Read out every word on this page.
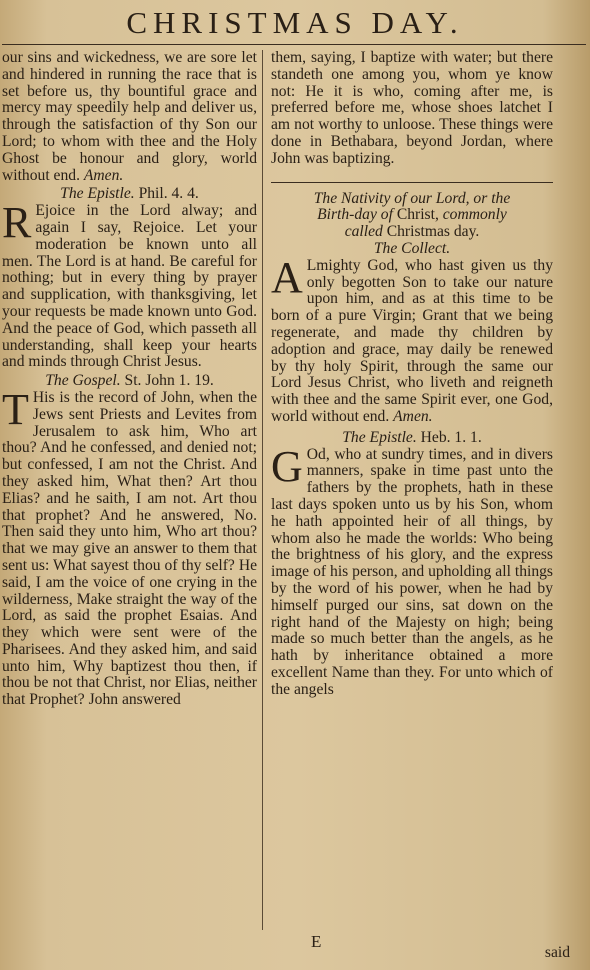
CHRISTMAS DAY.

our sins and wickedness, we are sore let and hindered in running the race that is set before us, thy bountiful grace and mercy may speedily help and deliver us, through the satisfaction of thy Son our Lord; to whom with thee and the Holy Ghost be honour and glory, world without end. Amen.

The Epistle. Phil. 4. 4.

R Ejoice in the Lord alway; and again I say, Rejoice. Let your moderation be known unto all men. The Lord is at hand. Be careful for nothing; but in every thing by prayer and supplication, with thanksgiving, let your requests be made known unto God. And the peace of God, which passeth all understanding, shall keep your hearts and minds through Christ Jesus.

The Gospel. St. John 1. 19.

T His is the record of John, when the Jews sent Priests and Levites from Jerusalem to ask him, Who art thou? And he confessed, and denied not; but confessed, I am not the Christ. And they asked him, What then? Art thou Elias? and he saith, I am not. Art thou that prophet? And he answered, No. Then said they unto him, Who art thou? that we may give an answer to them that sent us: What sayest thou of thy self? He said, I am the voice of one crying in the wilderness, Make straight the way of the Lord, as said the prophet Esaias. And they which were sent were of the Pharisees. And they asked him, and said unto him, Why baptizest thou then, if thou be not that Christ, nor Elias, neither that Prophet? John answered

them, saying, I baptize with water; but there standeth one among you, whom ye know not: He it is who, coming after me, is preferred before me, whose shoes latchet I am not worthy to unloose. These things were done in Bethabara, beyond Jordan, where John was baptizing.

The Nativity of our Lord, or the

Birth-day of Christ, commonly

called Christmas day.

The Collect.

A Lmighty God, who hast given us thy only begotten Son to take our nature upon him, and as at this time to be born of a pure Virgin; Grant that we being regenerate, and made thy children by adoption and grace, may daily be renewed by thy holy Spirit, through the same our Lord Jesus Christ, who liveth and reigneth with thee and the same Spirit ever, one God, world without end. Amen.

The Epistle. Heb. 1. 1.

G Od, who at sundry times, and in divers manners, spake in time past unto the fathers by the prophets, hath in these last days spoken unto us by his Son, whom he hath appointed heir of all things, by whom also he made the worlds: Who being the brightness of his glory, and the express image of his person, and upholding all things by the word of his power, when he had by himself purged our sins, sat down on the right hand of the Majesty on high; being made so much better than the angels, as he hath by inheritance obtained a more excellent Name than they. For unto which of the angels

E
said
